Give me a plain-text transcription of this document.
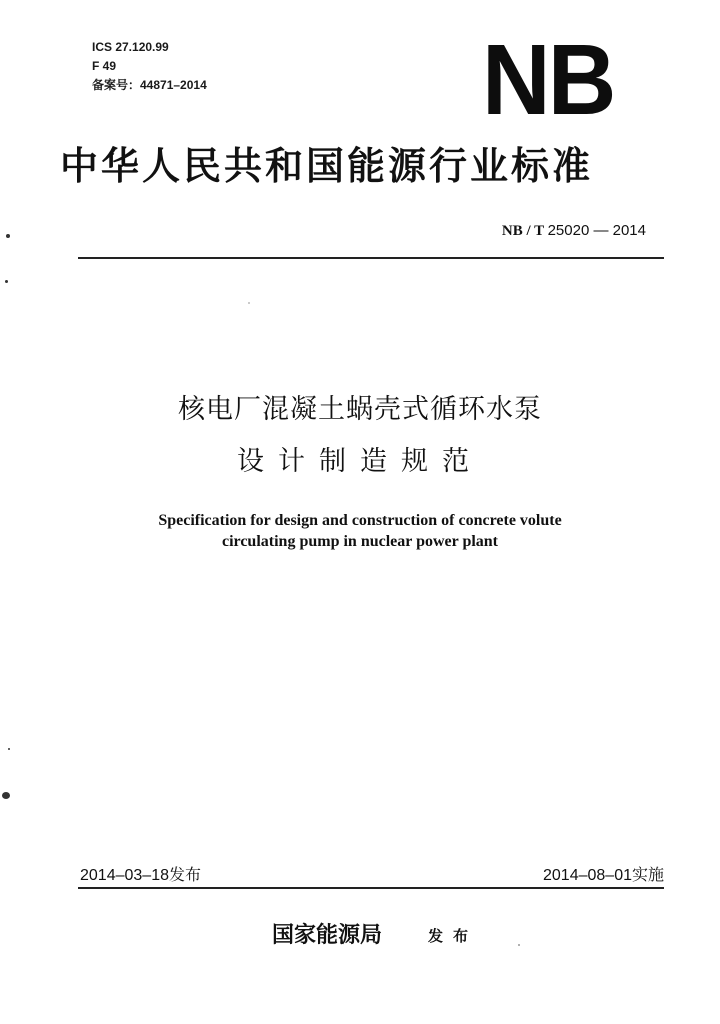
ICS 27.120.99
F 49
备案号：44871–2014	NB
中华人民共和国能源行业标准
NB / T 25020 — 2014
核电厂混凝土蜗壳式循环水泵
设计制造规范
Specification for design and construction of concrete volute
circulating pump in nuclear power plant
2014–03–18发布	2014–08–01实施
国家能源局	发布
